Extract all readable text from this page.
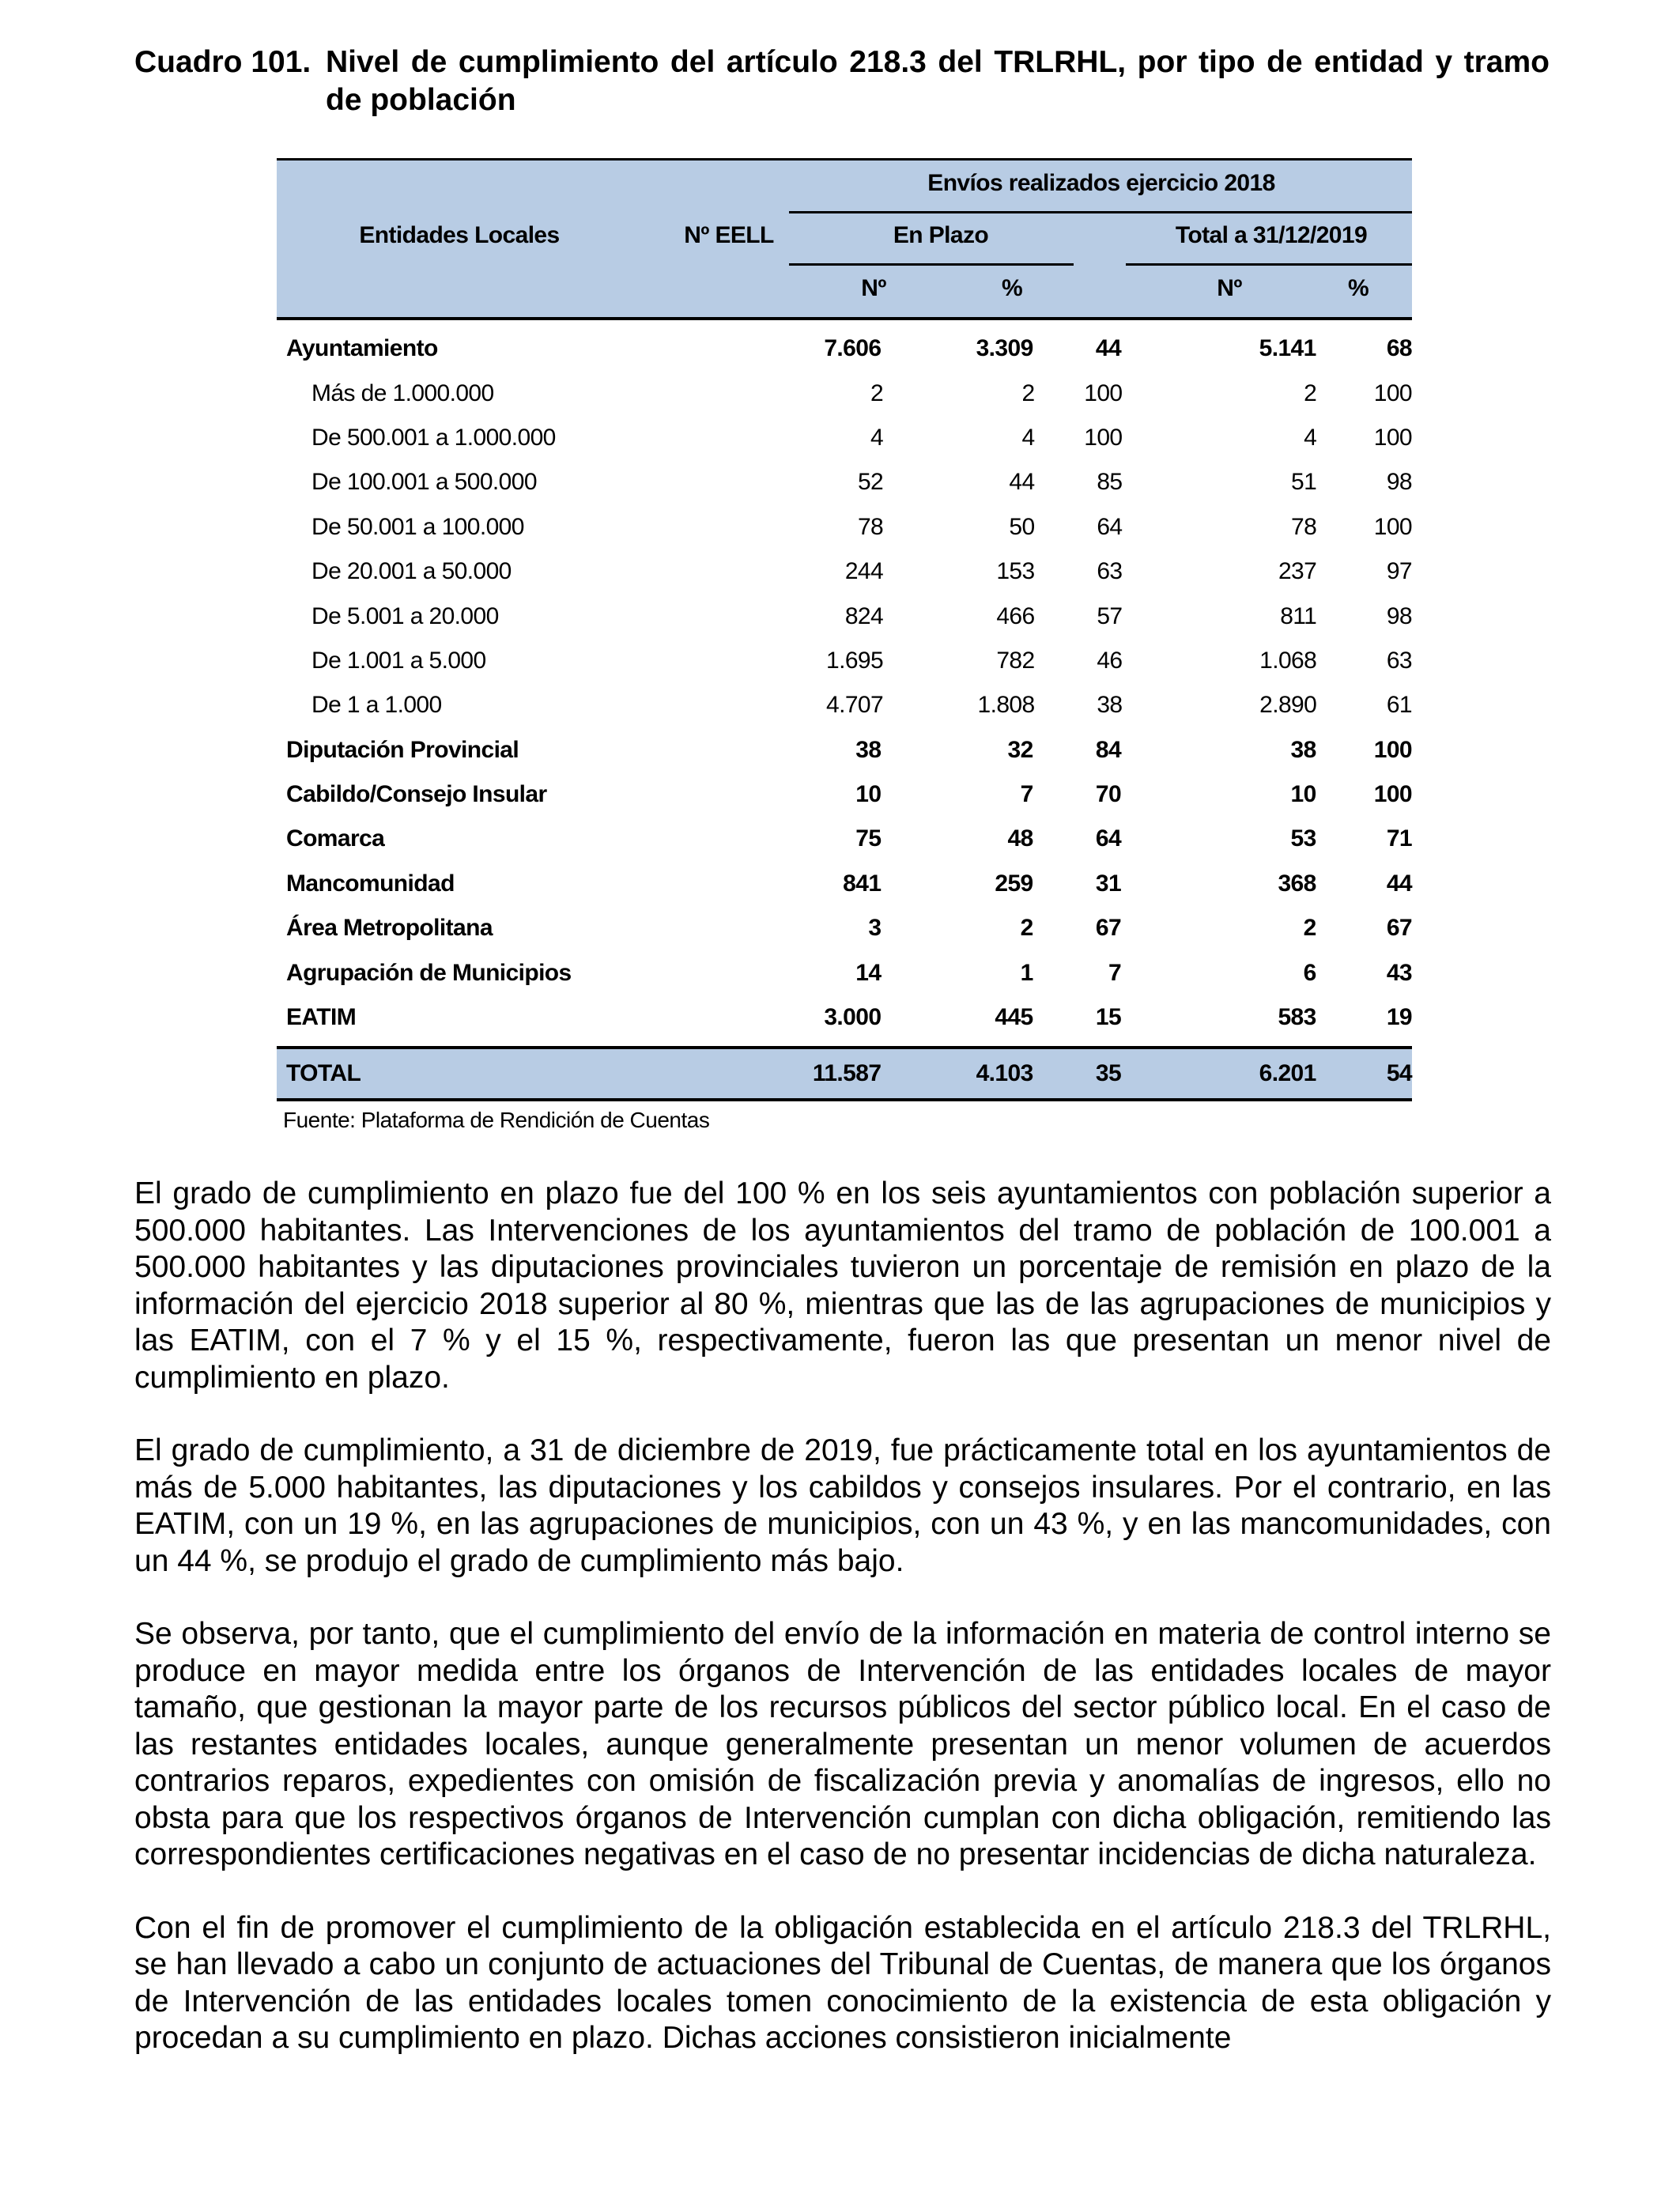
Cuadro 101. Nivel de cumplimiento del artículo 218.3 del TRLRHL, por tipo de entidad y tramo de población
Entidades Locales	Nº EELL
Envíos realizados ejercicio 2018
En Plazo	Total a 31/12/2019
Nº	%	Nº	%
Ayuntamiento	7.606	3.309	44	5.141	68
Más de 1.000.000	2	2	100	2	100
De 500.001 a 1.000.000	4	4	100	4	100
De 100.001 a 500.000	52	44	85	51	98
De 50.001 a 100.000	78	50	64	78	100
De 20.001 a 50.000	244	153	63	237	97
De 5.001 a 20.000	824	466	57	811	98
De 1.001 a 5.000	1.695	782	46	1.068	63
De 1 a 1.000	4.707	1.808	38	2.890	61
Diputación Provincial	38	32	84	38	100
Cabildo/Consejo Insular	10	7	70	10	100
Comarca	75	48	64	53	71
Mancomunidad	841	259	31	368	44
Área Metropolitana	3	2	67	2	67
Agrupación de Municipios	14	1	7	6	43
EATIM	3.000	445	15	583	19
TOTAL	11.587	4.103	35	6.201	54
Fuente: Plataforma de Rendición de Cuentas

El grado de cumplimiento en plazo fue del 100 % en los seis ayuntamientos con población superior a 500.000 habitantes. Las Intervenciones de los ayuntamientos del tramo de población de 100.001 a 500.000 habitantes y las diputaciones provinciales tuvieron un porcentaje de remisión en plazo de la información del ejercicio 2018 superior al 80 %, mientras que las de las agrupaciones de municipios y las EATIM, con el 7 % y el 15 %, respectivamente, fueron las que presentan un menor nivel de cumplimiento en plazo.

El grado de cumplimiento, a 31 de diciembre de 2019, fue prácticamente total en los ayuntamientos de más de 5.000 habitantes, las diputaciones y los cabildos y consejos insulares. Por el contrario, en las EATIM, con un 19 %, en las agrupaciones de municipios, con un 43 %, y en las mancomunidades, con un 44 %, se produjo el grado de cumplimiento más bajo.

Se observa, por tanto, que el cumplimiento del envío de la información en materia de control interno se produce en mayor medida entre los órganos de Intervención de las entidades locales de mayor tamaño, que gestionan la mayor parte de los recursos públicos del sector público local. En el caso de las restantes entidades locales, aunque generalmente presentan un menor volumen de acuerdos contrarios reparos, expedientes con omisión de fiscalización previa y anomalías de ingresos, ello no obsta para que los respectivos órganos de Intervención cumplan con dicha obligación, remitiendo las correspondientes certificaciones negativas en el caso de no presentar incidencias de dicha naturaleza.

Con el fin de promover el cumplimiento de la obligación establecida en el artículo 218.3 del TRLRHL, se han llevado a cabo un conjunto de actuaciones del Tribunal de Cuentas, de manera que los órganos de Intervención de las entidades locales tomen conocimiento de la existencia de esta obligación y procedan a su cumplimiento en plazo. Dichas acciones consistieron inicialmente
